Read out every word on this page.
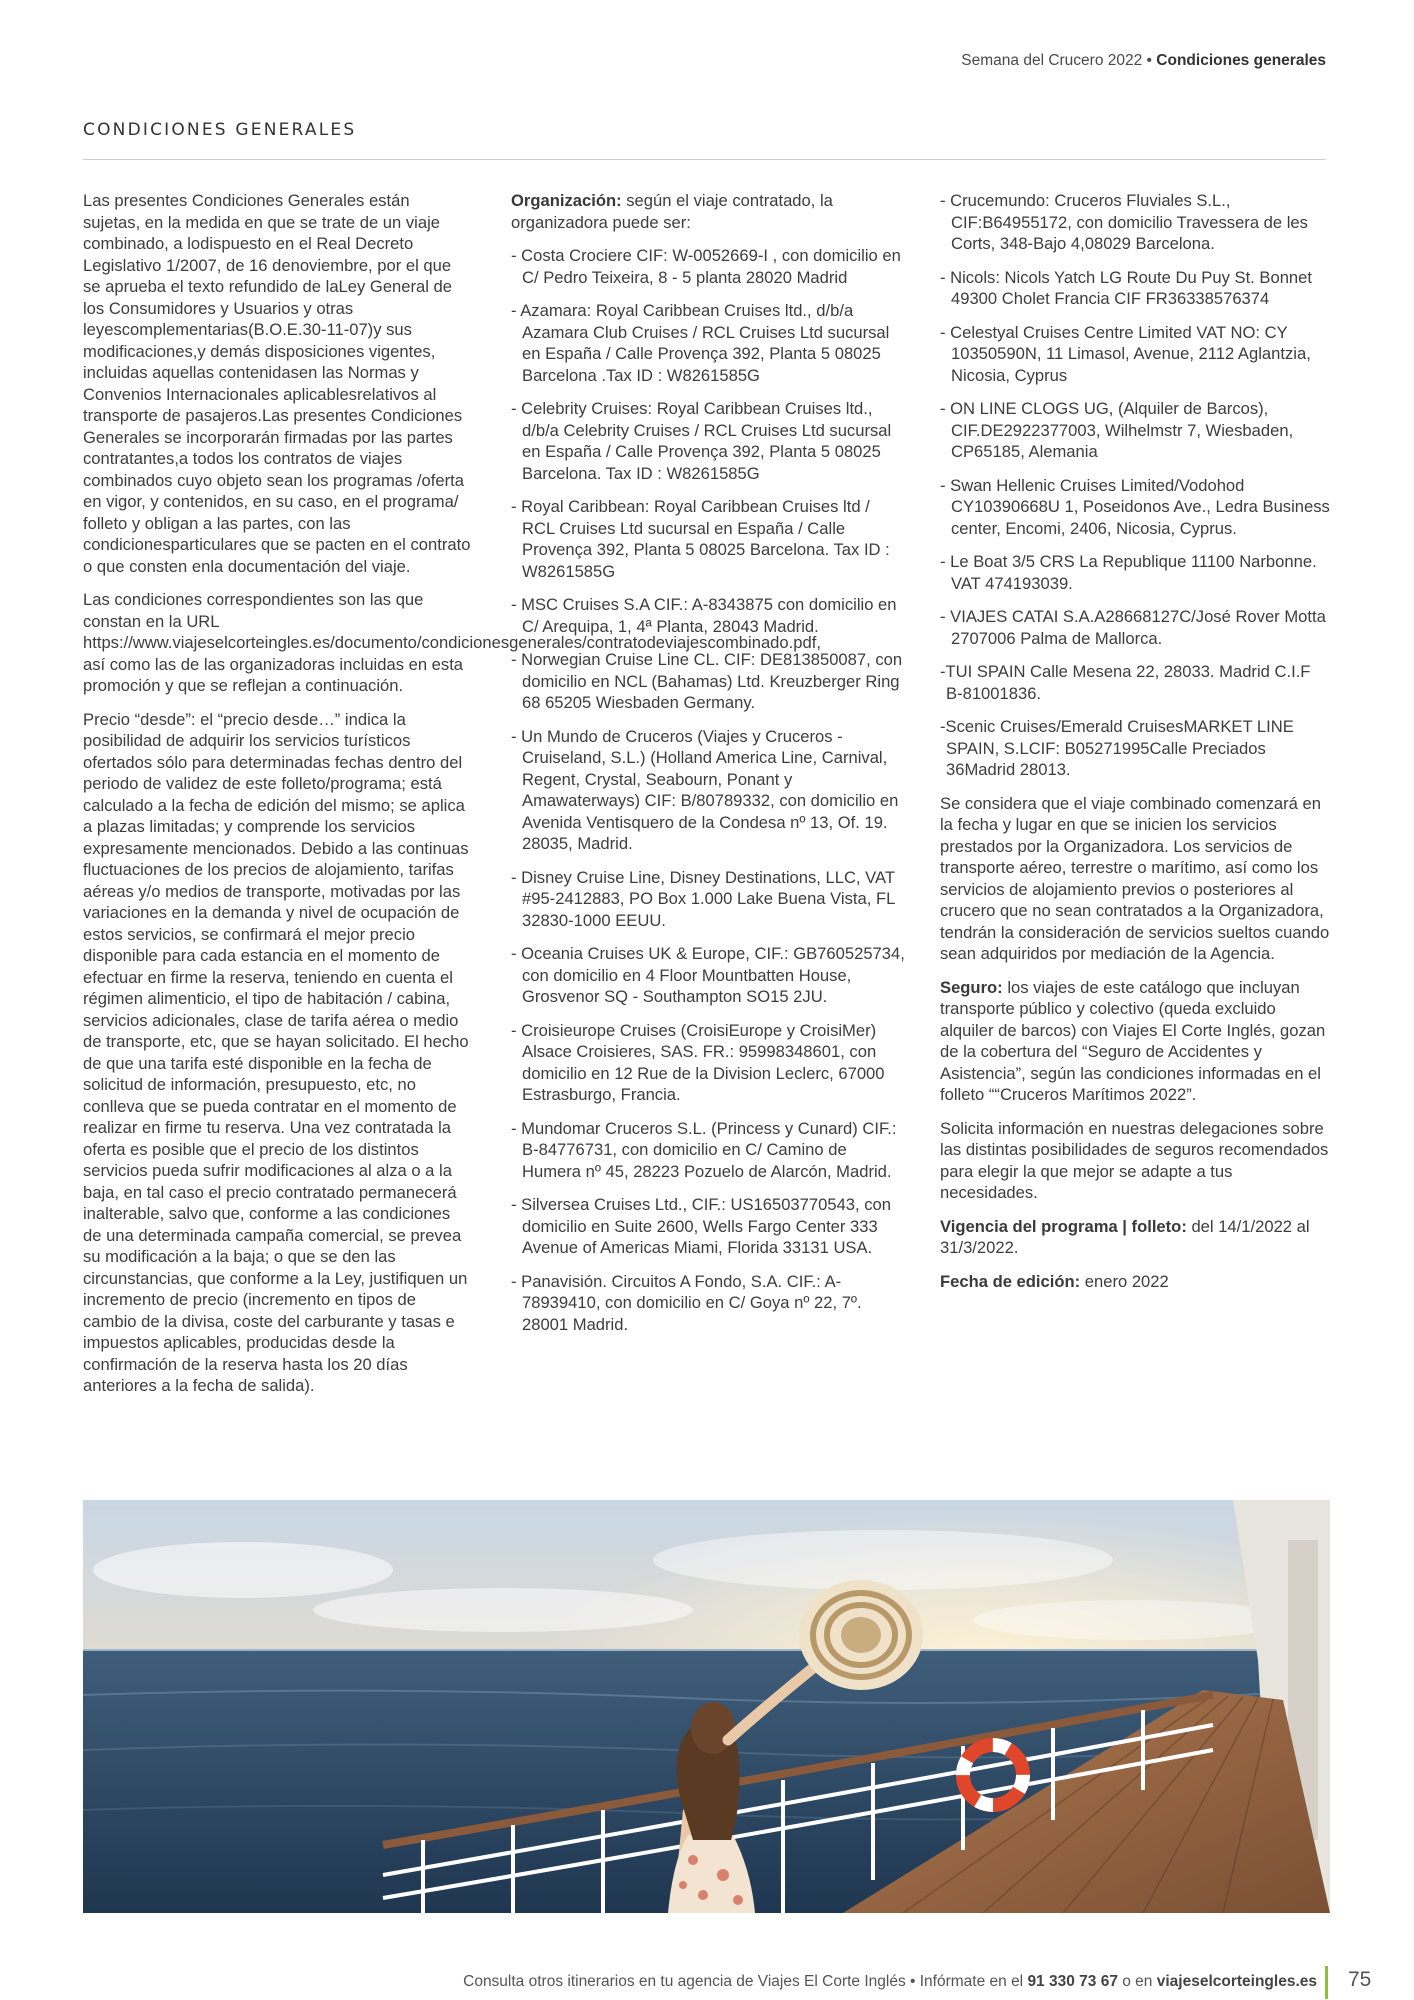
Semana del Crucero 2022 • Condiciones generales
CONDICIONES GENERALES

Las presentes Condiciones Generales están sujetas, en la medida en que se trate de un viaje combinado, a lodispuesto en el Real Decreto Legislativo 1/2007, de 16 denoviembre, por el que se aprueba el texto refundido de laLey General de los Consumidores y Usuarios y otras leyescomplementarias(B.O.E.30-11-07)y sus modificaciones,y demás disposiciones vigentes, incluidas aquellas contenidasen las Normas y Convenios Internacionales aplicablesrelativos al transporte de pasajeros.Las presentes Condiciones Generales se incorporarán firmadas por las partes contratantes,a todos los contratos de viajes combinados cuyo objeto sean los programas /oferta en vigor, y contenidos, en su caso, en el programa/ folleto y obligan a las partes, con las condicionesparticulares que se pacten en el contrato o que consten enla documentación del viaje.

Las condiciones correspondientes son las que constan en la URL https://www.viajeselcorteingles.es/documento/condicionesgenerales/contratodeviajescombinado.pdf, así como las de las organizadoras incluidas en esta promoción y que se reflejan a continuación.

Precio “desde”: el “precio desde…” indica la posibilidad de adquirir los servicios turísticos ofertados sólo para determinadas fechas dentro del periodo de validez de este folleto/programa; está calculado a la fecha de edición del mismo; se aplica a plazas limitadas; y comprende los servicios expresamente mencionados. Debido a las continuas fluctuaciones de los precios de alojamiento, tarifas aéreas y/o medios de transporte, motivadas por las variaciones en la demanda y nivel de ocupación de estos servicios, se confirmará el mejor precio disponible para cada estancia en el momento de efectuar en firme la reserva, teniendo en cuenta el régimen alimenticio, el tipo de habitación / cabina, servicios adicionales, clase de tarifa aérea o medio de transporte, etc, que se hayan solicitado. El hecho de que una tarifa esté disponible en la fecha de solicitud de información, presupuesto, etc, no conlleva que se pueda contratar en el momento de realizar en firme tu reserva. Una vez contratada la oferta es posible que el precio de los distintos servicios pueda sufrir modificaciones al alza o a la baja, en tal caso el precio contratado permanecerá inalterable, salvo que, conforme a las condiciones de una determinada campaña comercial, se prevea su modificación a la baja; o que se den las circunstancias, que conforme a la Ley, justifiquen un incremento de precio (incremento en tipos de cambio de la divisa, coste del carburante y tasas e impuestos aplicables, producidas desde la confirmación de la reserva hasta los 20 días anteriores a la fecha de salida).

Organización: según el viaje contratado, la organizadora puede ser:

- Costa Crociere CIF: W-0052669-I , con domicilio en C/ Pedro Teixeira, 8 - 5 planta 28020 Madrid
- Azamara: Royal Caribbean Cruises ltd., d/b/a Azamara Club Cruises / RCL Cruises Ltd sucursal en España / Calle Provença 392, Planta 5 08025 Barcelona .Tax ID : W8261585G
- Celebrity Cruises: Royal Caribbean Cruises ltd., d/b/a Celebrity Cruises / RCL Cruises Ltd sucursal en España / Calle Provença 392, Planta 5 08025 Barcelona. Tax ID : W8261585G
- Royal Caribbean: Royal Caribbean Cruises ltd / RCL Cruises Ltd sucursal en España / Calle Provença 392, Planta 5 08025 Barcelona. Tax ID : W8261585G
- MSC Cruises S.A CIF.: A-8343875 con domicilio en C/ Arequipa, 1, 4ª Planta, 28043 Madrid.
- Norwegian Cruise Line CL. CIF: DE813850087, con domicilio en NCL (Bahamas) Ltd. Kreuzberger Ring 68 65205 Wiesbaden Germany.
- Un Mundo de Cruceros (Viajes y Cruceros - Cruiseland, S.L.) (Holland America Line, Carnival, Regent, Crystal, Seabourn, Ponant y Amawaterways) CIF: B/80789332, con domicilio en Avenida Ventisquero de la Condesa nº 13, Of. 19. 28035, Madrid.
- Disney Cruise Line, Disney Destinations, LLC, VAT #95-2412883, PO Box 1.000 Lake Buena Vista, FL 32830-1000 EEUU.
- Oceania Cruises UK & Europe, CIF.: GB760525734, con domicilio en 4 Floor Mountbatten House, Grosvenor SQ - Southampton SO15 2JU.
- Croisieurope Cruises (CroisiEurope y CroisiMer) Alsace Croisieres, SAS. FR.: 95998348601, con domicilio en 12 Rue de la Division Leclerc, 67000 Estrasburgo, Francia.
- Mundomar Cruceros S.L. (Princess y Cunard) CIF.: B-84776731, con domicilio en C/ Camino de Humera nº 45, 28223 Pozuelo de Alarcón, Madrid.
- Silversea Cruises Ltd., CIF.: US16503770543, con domicilio en Suite 2600, Wells Fargo Center 333 Avenue of Americas Miami, Florida 33131 USA.
- Panavisión. Circuitos A Fondo, S.A. CIF.: A-78939410, con domicilio en C/ Goya nº 22, 7º. 28001 Madrid.
- Crucemundo: Cruceros Fluviales S.L., CIF:B64955172, con domicilio Travessera de les Corts, 348-Bajo 4,08029 Barcelona.
- Nicols: Nicols Yatch LG Route Du Puy St. Bonnet 49300 Cholet Francia CIF FR36338576374
- Celestyal Cruises Centre Limited VAT NO: CY 10350590N, 11 Limasol, Avenue, 2112 Aglantzia, Nicosia, Cyprus
- ON LINE CLOGS UG, (Alquiler de Barcos), CIF.DE2922377003, Wilhelmstr 7, Wiesbaden, CP65185, Alemania
- Swan Hellenic Cruises Limited/Vodohod CY10390668U 1, Poseidonos Ave., Ledra Business center, Encomi, 2406, Nicosia, Cyprus.
- Le Boat 3/5 CRS La Republique 11100 Narbonne. VAT 474193039.
- VIAJES CATAI S.A.A28668127C/José Rover Motta 2707006 Palma de Mallorca.
-TUI SPAIN Calle Mesena 22, 28033. Madrid C.I.F B-81001836.
-Scenic Cruises/Emerald CruisesMARKET LINE SPAIN, S.LCIF: B05271995Calle Preciados 36Madrid 28013.

Se considera que el viaje combinado comenzará en la fecha y lugar en que se inicien los servicios prestados por la Organizadora. Los servicios de transporte aéreo, terrestre o marítimo, así como los servicios de alojamiento previos o posteriores al crucero que no sean contratados a la Organizadora, tendrán la consideración de servicios sueltos cuando sean adquiridos por mediación de la Agencia.

Seguro: los viajes de este catálogo que incluyan transporte público y colectivo (queda excluido alquiler de barcos) con Viajes El Corte Inglés, gozan de la cobertura del “Seguro de Accidentes y Asistencia”, según las condiciones informadas en el folleto ““Cruceros Marítimos 2022”.

Solicita información en nuestras delegaciones sobre las distintas posibilidades de seguros recomendados para elegir la que mejor se adapte a tus necesidades.

Vigencia del programa | folleto: del 14/1/2022 al 31/3/2022.

Fecha de edición: enero 2022

Consulta otros itinerarios en tu agencia de Viajes El Corte Inglés • Infórmate en el 91 330 73 67 o en viajeselcorteingles.es 75
